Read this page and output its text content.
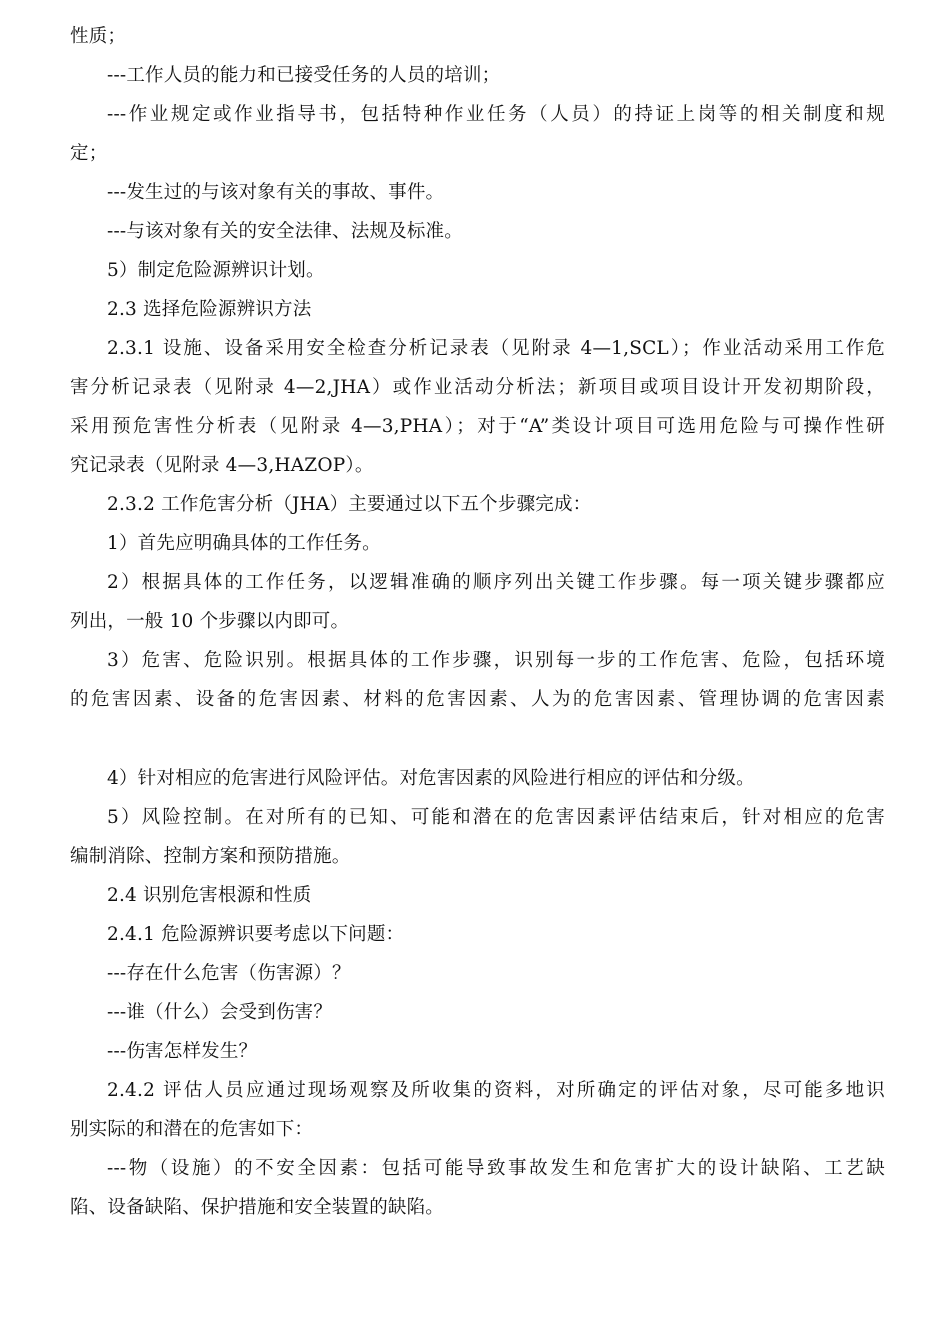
性质；
---工作人员的能力和已接受任务的人员的培训；
---作业规定或作业指导书，包括特种作业任务（人员）的持证上岗等的相关制度和规
定；
---发生过的与该对象有关的事故、事件。
---与该对象有关的安全法律、法规及标准。
5）制定危险源辨识计划。
2.3 选择危险源辨识方法
2.3.1 设施、设备采用安全检查分析记录表（见附录 4—1,SCL）；作业活动采用工作危
害分析记录表（见附录 4—2,JHA）或作业活动分析法；新项目或项目设计开发初期阶段，
采用预危害性分析表（见附录 4—3,PHA）；对于“A”类设计项目可选用危险与可操作性研
究记录表（见附录 4—3,HAZOP）。
2.3.2 工作危害分析（JHA）主要通过以下五个步骤完成：
1）首先应明确具体的工作任务。
2）根据具体的工作任务，以逻辑准确的顺序列出关键工作步骤。每一项关键步骤都应
列出，一般 10 个步骤以内即可。
3）危害、危险识别。根据具体的工作步骤，识别每一步的工作危害、危险，包括环境
的危害因素、设备的危害因素、材料的危害因素、人为的危害因素、管理协调的危害因素
4）针对相应的危害进行风险评估。对危害因素的风险进行相应的评估和分级。
5）风险控制。在对所有的已知、可能和潜在的危害因素评估结束后，针对相应的危害
编制消除、控制方案和预防措施。
2.4 识别危害根源和性质
2.4.1 危险源辨识要考虑以下问题：
---存在什么危害（伤害源）？
---谁（什么）会受到伤害？
---伤害怎样发生？
2.4.2 评估人员应通过现场观察及所收集的资料，对所确定的评估对象，尽可能多地识
别实际的和潜在的危害如下：
---物（设施）的不安全因素：包括可能导致事故发生和危害扩大的设计缺陷、工艺缺
陷、设备缺陷、保护措施和安全装置的缺陷。
